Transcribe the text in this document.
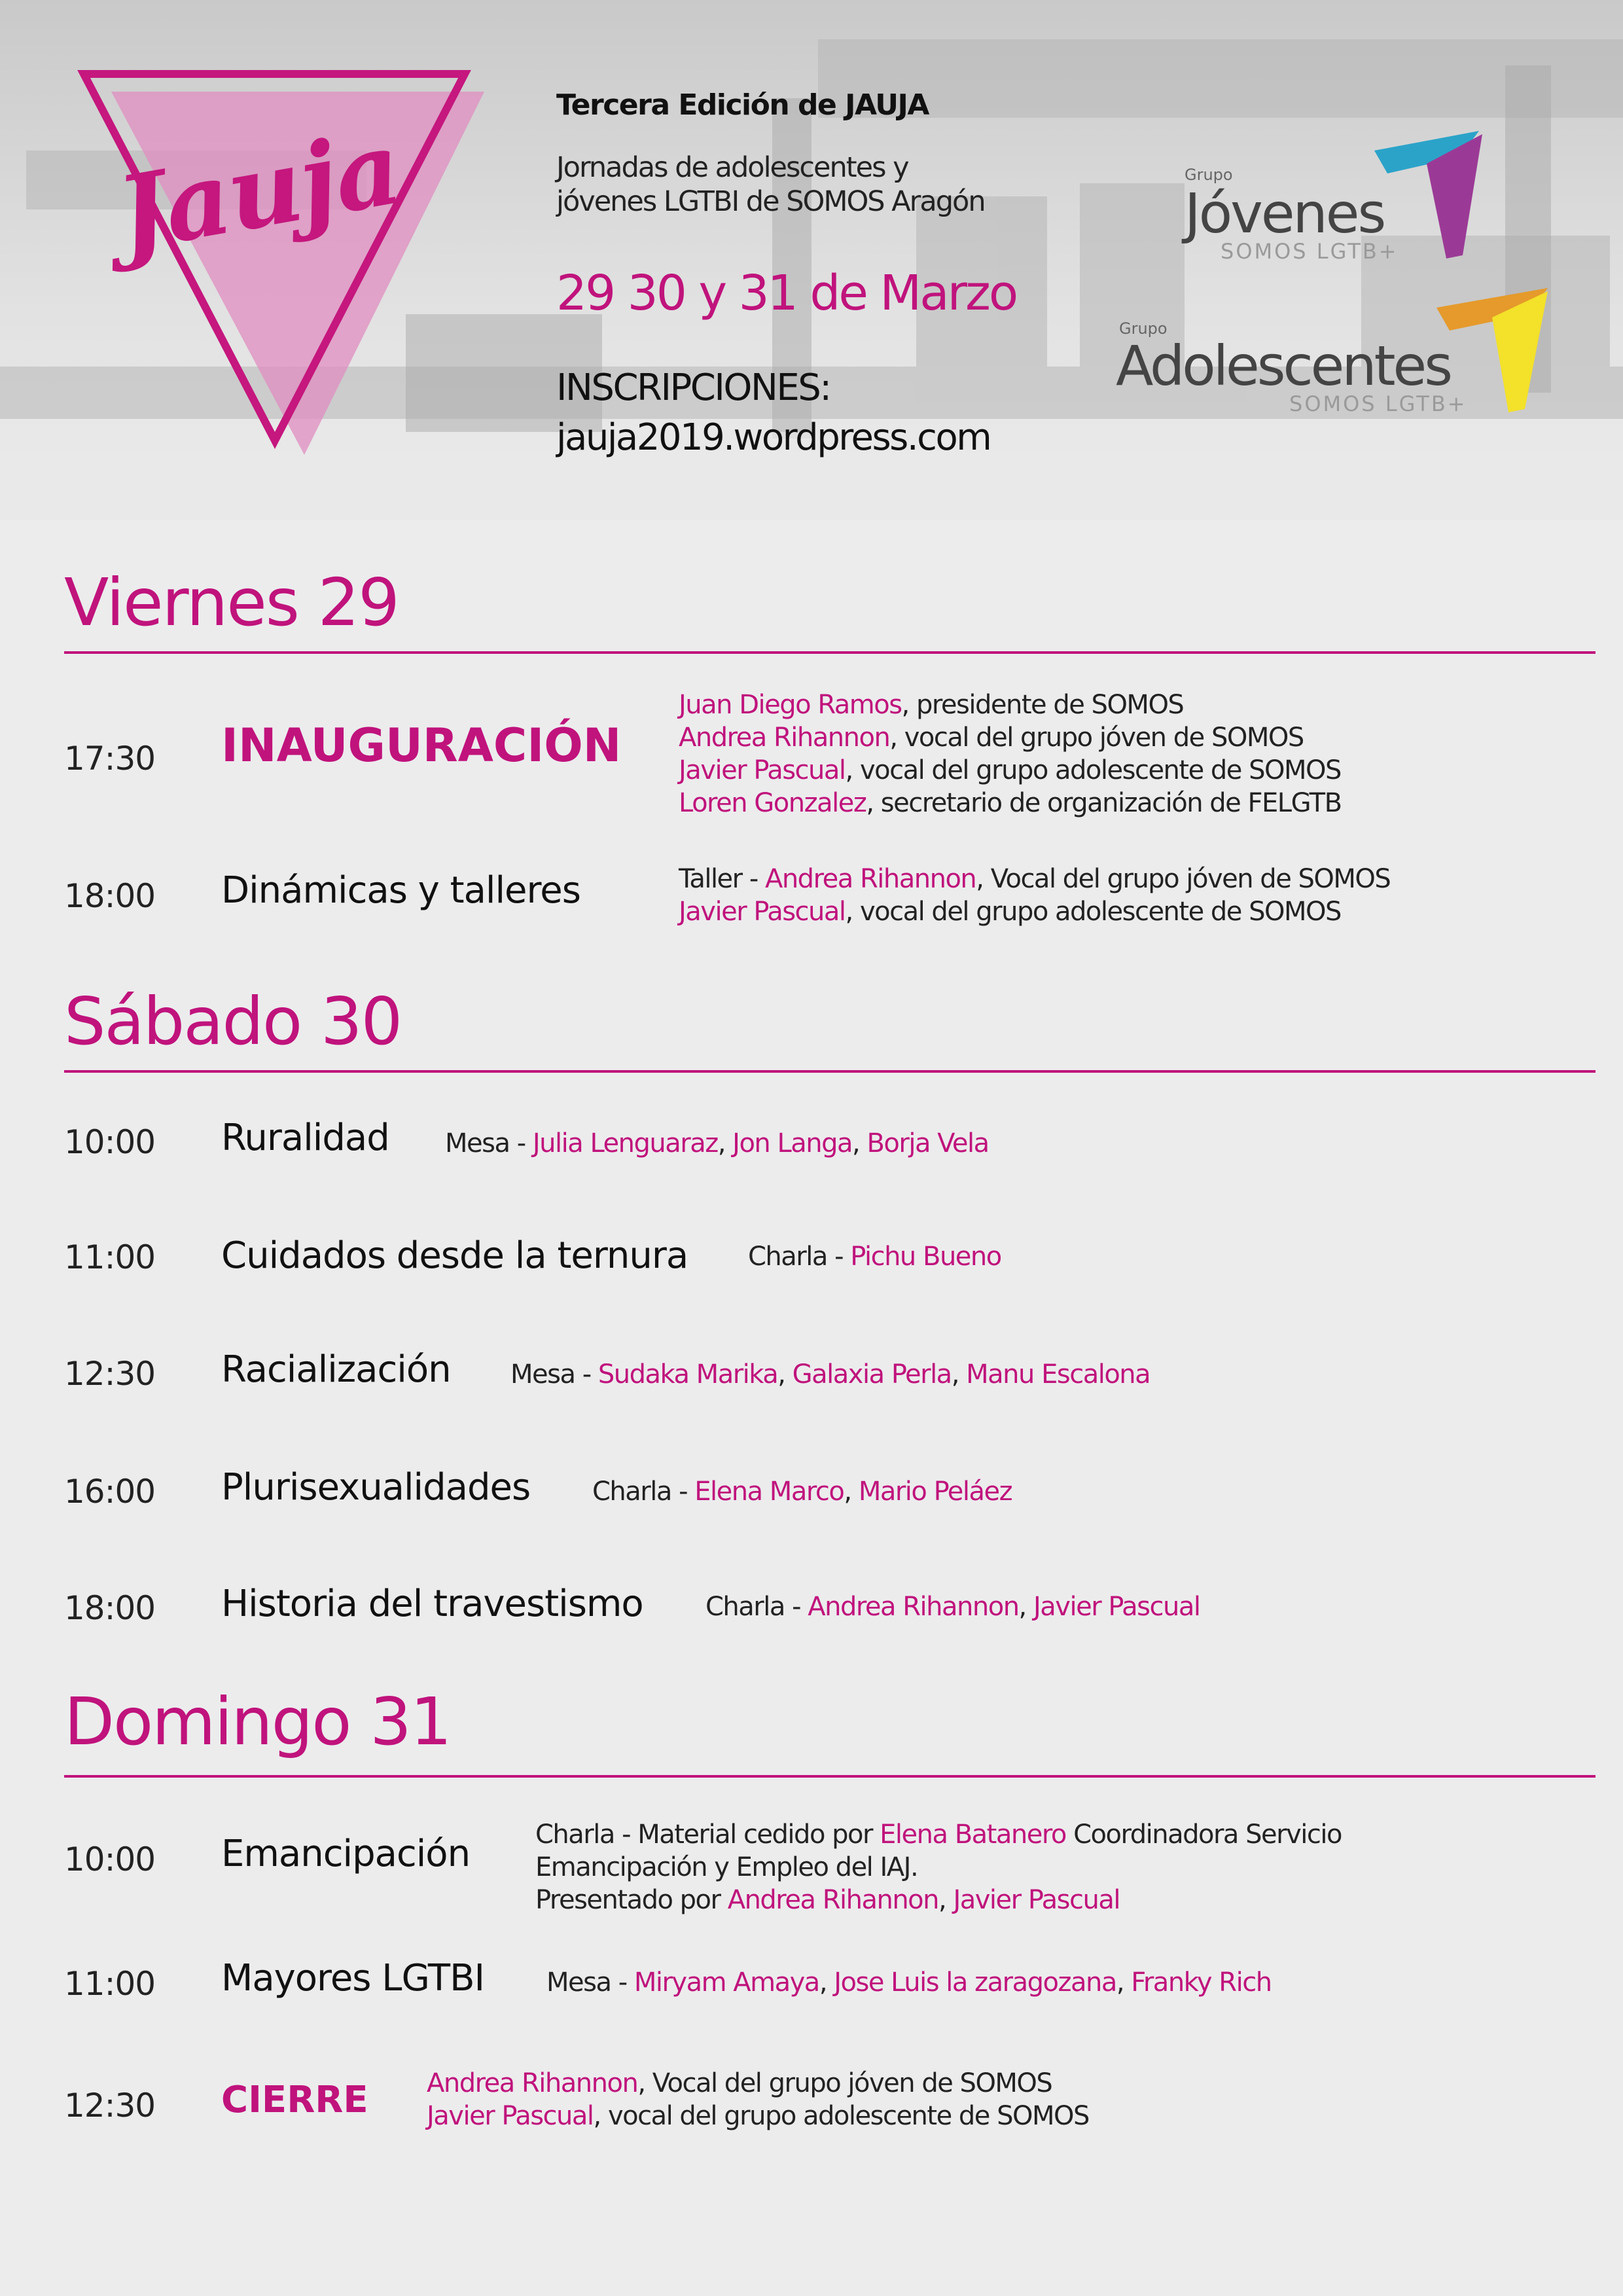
Jauja

Tercera Edición de JAUJA

Jornadas de adolescentes y
jóvenes LGTBI de SOMOS Aragón

29 30 y 31 de Marzo

INSCRIPCIONES:
jauja2019.wordpress.com
Grupo
Jóvenes
SOMOS LGTB+
Grupo
Adolescentes
SOMOS LGTB+
Viernes 29
17:30 INAUGURACIÓN
Juan Diego Ramos, presidente de SOMOS
Andrea Rihannon, vocal del grupo jóven de SOMOS
Javier Pascual, vocal del grupo adolescente de SOMOS
Loren Gonzalez, secretario de organización de FELGTB
18:00 Dinámicas y talleres	Taller - Andrea Rihannon, Vocal del grupo jóven de SOMOS
Javier Pascual, vocal del grupo adolescente de SOMOS
Sábado 30
10:00 Ruralidad Mesa - Julia Lenguaraz, Jon Langa, Borja Vela
11:00 Cuidados desde la ternura Charla - Pichu Bueno
12:30 Racialización Mesa - Sudaka Marika, Galaxia Perla, Manu Escalona
16:00 Plurisexualidades Charla - Elena Marco, Mario Peláez
18:00 Historia del travestismo Charla - Andrea Rihannon, Javier Pascual
Domingo 31
10:00 Emancipación Charla - Material cedido por Elena Batanero Coordinadora Servicio
Emancipación y Empleo del IAJ.
Presentado por Andrea Rihannon, Javier Pascual
11:00 Mayores LGTBI Mesa - Miryam Amaya, Jose Luis la zaragozana, Franky Rich
12:30 CIERRE Andrea Rihannon, Vocal del grupo jóven de SOMOS
Javier Pascual, vocal del grupo adolescente de SOMOS
